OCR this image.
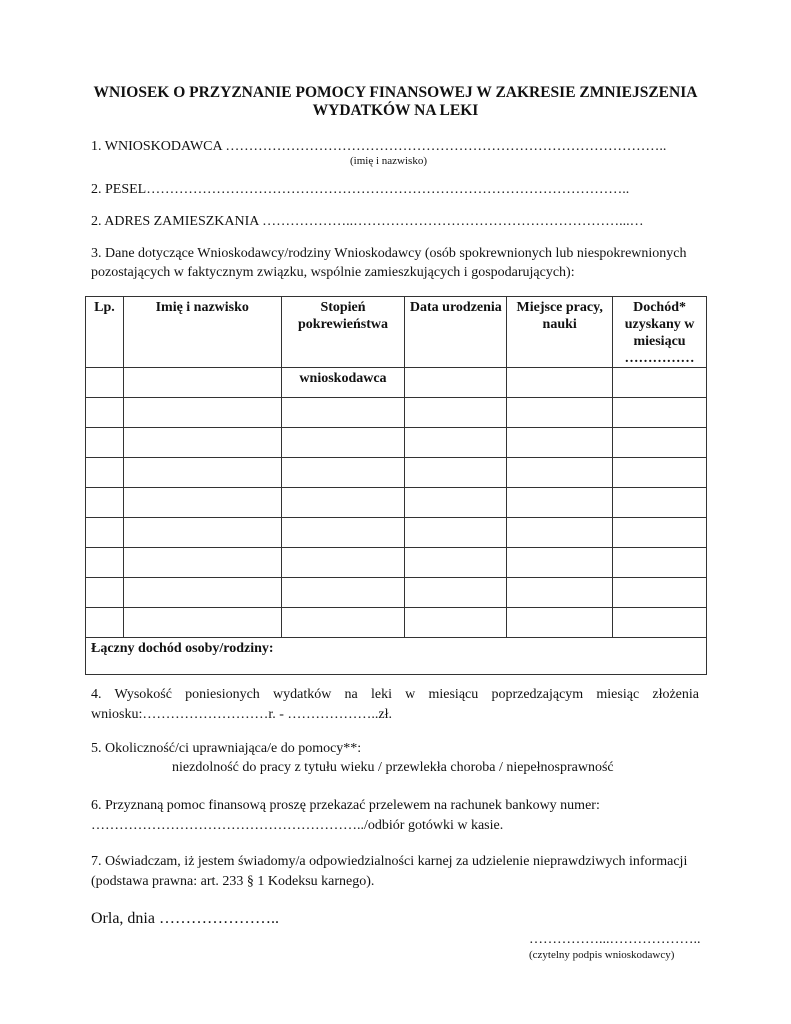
WNIOSEK O PRZYZNANIE POMOCY FINANSOWEJ W ZAKRESIE ZMNIEJSZENIA
WYDATKÓW NA LEKI
1. WNIOSKODAWCA …………………………………………………………………………………..
(imię i nazwisko)
2. PESEL…………………………………………………………………………………………..
2. ADRES ZAMIESZKANIA ………………..…………………………………………………...…
3. Dane dotyczące Wnioskodawcy/rodziny Wnioskodawcy (osób spokrewnionych lub niespokrewnionych
pozostających w faktycznym związku, wspólnie zamieszkujących i gospodarujących):
Lp.	Imię i nazwisko	Stopień pokrewieństwa	Data urodzenia	Miejsce pracy, nauki	Dochód* uzyskany w miesiącu ……………
		wnioskodawca			

Łączny dochód osoby/rodziny:					
4. Wysokość poniesionych wydatków na leki w miesiącu poprzedzającym miesiąc złożenia
wniosku:………………………r. - ………………..zł.
5. Okoliczność/ci uprawniająca/e do pomocy**:
niezdolność do pracy z tytułu wieku / przewlekła choroba / niepełnosprawność
6. Przyznaną pomoc finansową proszę przekazać przelewem na rachunek bankowy numer:
…………………………………………………../odbiór gotówki w kasie.
7. Oświadczam, iż jestem świadomy/a odpowiedzialności karnej za udzielenie nieprawdziwych informacji
(podstawa prawna: art. 233 § 1 Kodeksu karnego).
Orla, dnia …………………..
……………...………………..
(czytelny podpis wnioskodawcy)
